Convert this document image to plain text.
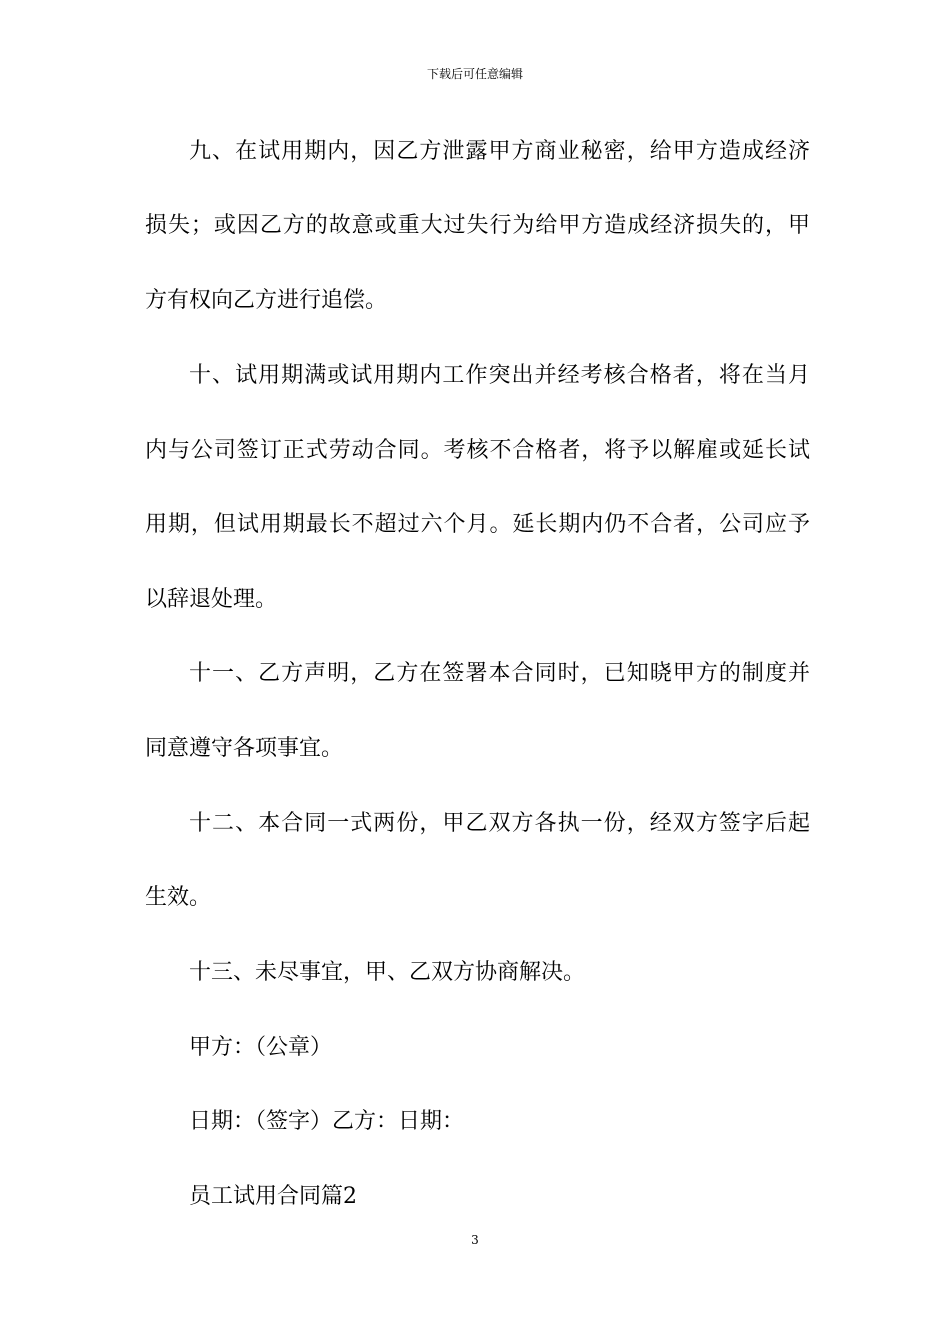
下载后可任意编辑
九、在试用期内，因乙方泄露甲方商业秘密，给甲方造成经济
损失；或因乙方的故意或重大过失行为给甲方造成经济损失的，甲
方有权向乙方进行追偿。
十、试用期满或试用期内工作突出并经考核合格者，将在当月
内与公司签订正式劳动合同。考核不合格者，将予以解雇或延长试
用期，但试用期最长不超过六个月。延长期内仍不合者，公司应予
以辞退处理。
十一、乙方声明，乙方在签署本合同时，已知晓甲方的制度并
同意遵守各项事宜。
十二、本合同一式两份，甲乙双方各执一份，经双方签字后起
生效。
十三、未尽事宜，甲、乙双方协商解决。
甲方：（公章）
日期：（签字）乙方：日期：
员工试用合同篇2
3
